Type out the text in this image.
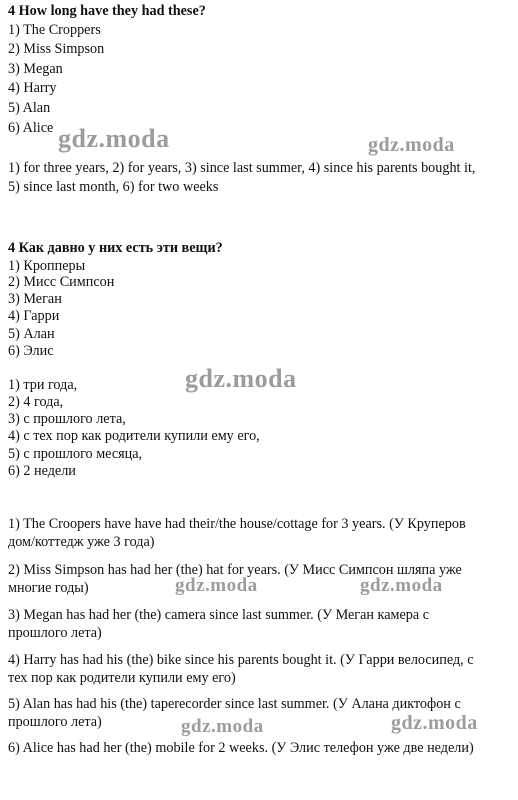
4 How long have they had these?
1) The Croppers
2) Miss Simpson
3) Megan
4) Harry
5) Alan
6) Alice
1) for three years, 2) for years, 3) since last summer, 4) since his parents bought it,
5) since last month, 6) for two weeks
4 Как давно у них есть эти вещи?
1) Кропперы
2) Мисс Симпсон
3) Меган
4) Гарри
5) Алан
6) Элис
1) три года,
2) 4 года,
3) с прошлого лета,
4) с тех пор как родители купили ему его,
5) с прошлого месяца,
6) 2 недели
1) The Croopers have have had their/the house/cottage for 3 years. (У Круперов
дом/коттедж уже 3 года)
2) Miss Simpson has had her (the) hat for years. (У Мисс Симпсон шляпа уже
многие годы)
3) Megan has had her (the) camera since last summer. (У Меган камера с
прошлого лета)
4) Harry has had his (the) bike since his parents bought it. (У Гарри велосипед, с
тех пор как родители купили ему его)
5) Alan has had his (the) taperecorder since last summer. (У Алана диктофон с
прошлого лета)
6) Alice has had her (the) mobile for 2 weeks. (У Элис телефон уже две недели)
gdz.moda	gdz.moda
gdz.moda
gdz.moda	gdz.moda
gdz.moda	gdz.moda
